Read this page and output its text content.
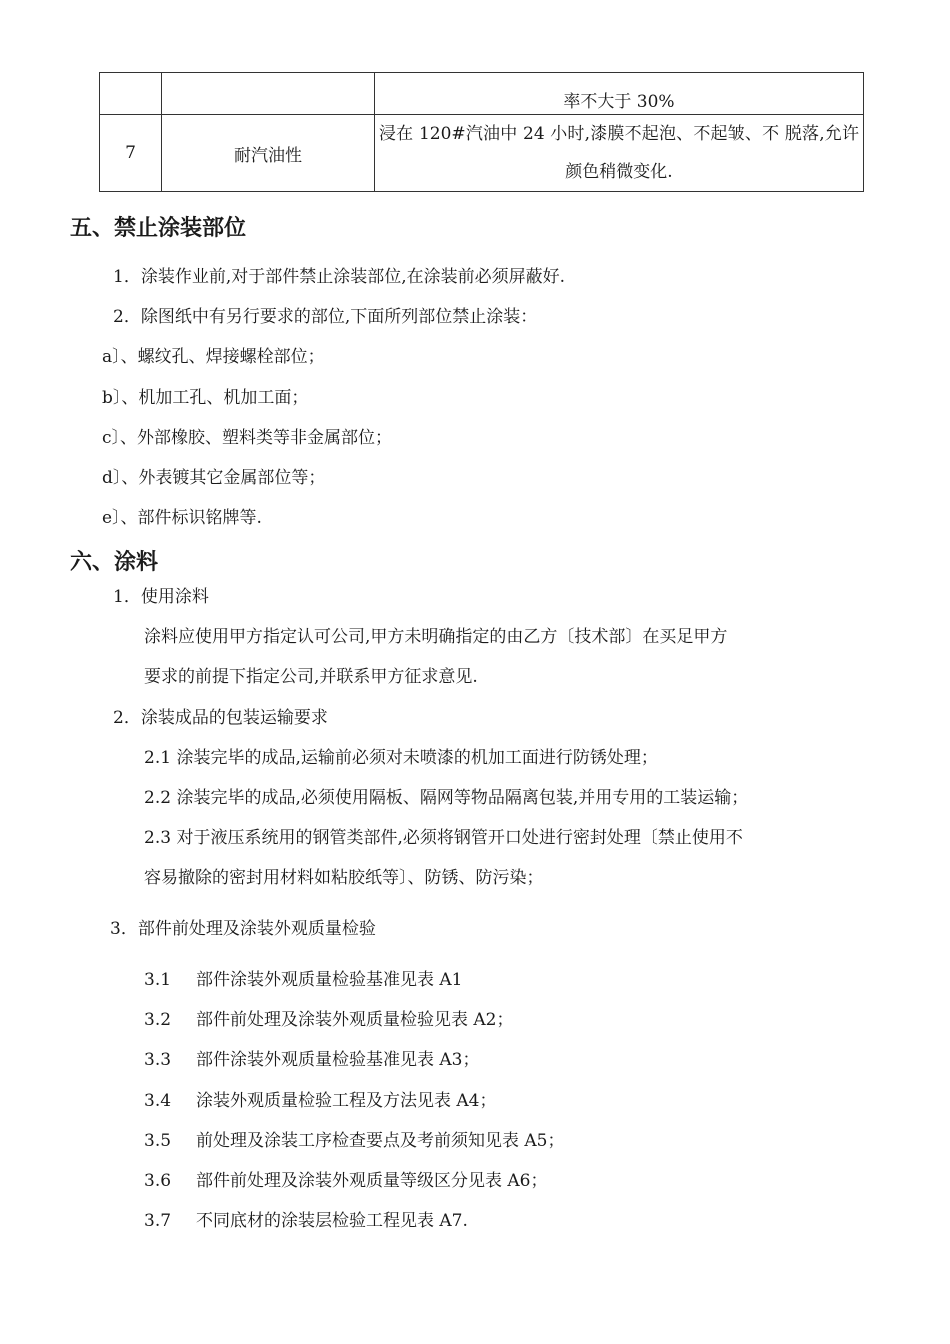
		率不大于 30%

7	耐汽油性	浸在 120#汽油中 24 小时,漆膜不起泡、不起皱、不 脱落,允许颜色稍微变化.
五、禁止涂装部位

1．涂装作业前,对于部件禁止涂装部位,在涂装前必须屏蔽好.

2．除图纸中有另行要求的部位,下面所列部位禁止涂装：

a〕、螺纹孔、焊接螺栓部位；

b〕、机加工孔、机加工面；

c〕、外部橡胶、塑料类等非金属部位；

d〕、外表镀其它金属部位等；

e〕、部件标识铭牌等.

六、涂料

1．使用涂料

涂料应使用甲方指定认可公司,甲方未明确指定的由乙方〔技术部〕在买足甲方

要求的前提下指定公司,并联系甲方征求意见.

2．涂装成品的包装运输要求

2.1 涂装完毕的成品,运输前必须对未喷漆的机加工面进行防锈处理；

2.2 涂装完毕的成品,必须使用隔板、隔网等物品隔离包装,并用专用的工装运输；

2.3 对于液压系统用的钢管类部件,必须将钢管开口处进行密封处理〔禁止使用不

容易撤除的密封用材料如粘胶纸等〕、防锈、防污染；

3．部件前处理及涂装外观质量检验

3.1 部件涂装外观质量检验基准见表 A1

3.2 部件前处理及涂装外观质量检验见表 A2；

3.3 部件涂装外观质量检验基准见表 A3；

3.4 涂装外观质量检验工程及方法见表 A4；

3.5 前处理及涂装工序检查要点及考前须知见表 A5；

3.6 部件前处理及涂装外观质量等级区分见表 A6；

3.7 不同底材的涂装层检验工程见表 A7.
